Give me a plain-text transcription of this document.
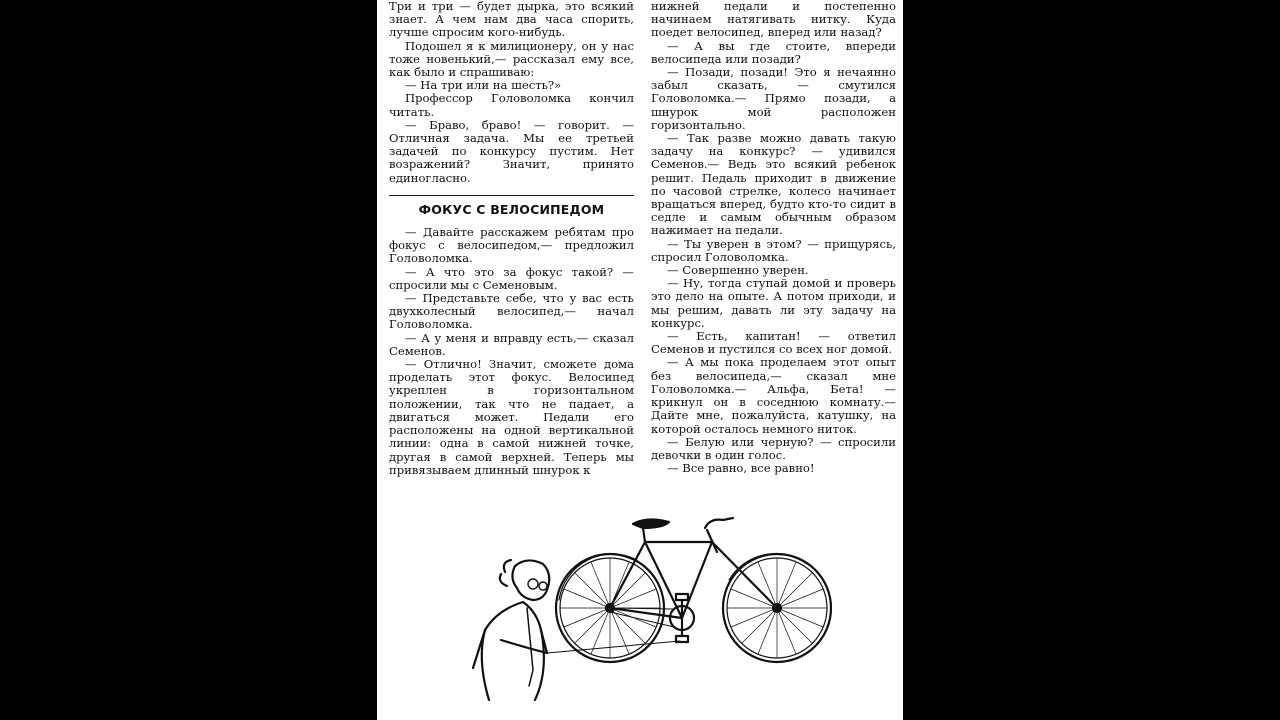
Три и три — будет дырка, это всякий знает. А чем нам два часа спорить, лучше спросим кого-нибудь.

Подошел я к милиционеру, он у нас тоже новенький,— рассказал ему все, как было и спрашиваю:

— На три или на шесть?»

Профессор Головоломка кончил читать.

— Браво, браво! — говорит. — Отличная задача. Мы ее третьей задачей по конкурсу пустим. Нет возражений? Значит, принято единогласно.

ФОКУС С ВЕЛОСИПЕДОМ

— Давайте расскажем ребятам про фокус с велосипедом,— предложил Головоломка.

— А что это за фокус такой? — спросили мы с Семеновым.

— Представьте себе, что у вас есть двухколесный велосипед,— начал Головоломка.

— А у меня и вправду есть,— сказал Семенов.

— Отлично! Значит, сможете дома проделать этот фокус. Велосипед укреплен в горизонтальном положении, так что не падает, а двигаться может. Педали его расположены на одной вертикальной линии: одна в самой нижней точке, другая в самой верхней. Теперь мы привязываем длинный шнурок к

нижней педали и постепенно начинаем натягивать нитку. Куда поедет велосипед, вперед или назад?

— А вы где стоите, впереди велосипеда или позади?

— Позади, позади! Это я нечаянно забыл сказать, — смутился Головоломка.— Прямо позади, а шнурок мой расположен горизонтально.

— Так разве можно давать такую задачу на конкурс? — удивился Семенов.— Ведь это всякий ребенок решит. Педаль приходит в движение по часовой стрелке, колесо начинает вращаться вперед, будто кто-то сидит в седле и самым обычным образом нажимает на педали.

— Ты уверен в этом? — прищурясь, спросил Головоломка.

— Совершенно уверен.

— Ну, тогда ступай домой и проверь это дело на опыте. А потом приходи, и мы решим, давать ли эту задачу на конкурс.

— Есть, капитан! — ответил Семенов и пустился со всех ног домой.

— А мы пока проделаем этот опыт без велосипеда,— сказал мне Головоломка.— Альфа, Бета! — крикнул он в соседнюю комнату.— Дайте мне, пожалуйста, катушку, на которой осталось немного ниток.

— Белую или черную? — спросили девочки в один голос.

— Все равно, все равно!
